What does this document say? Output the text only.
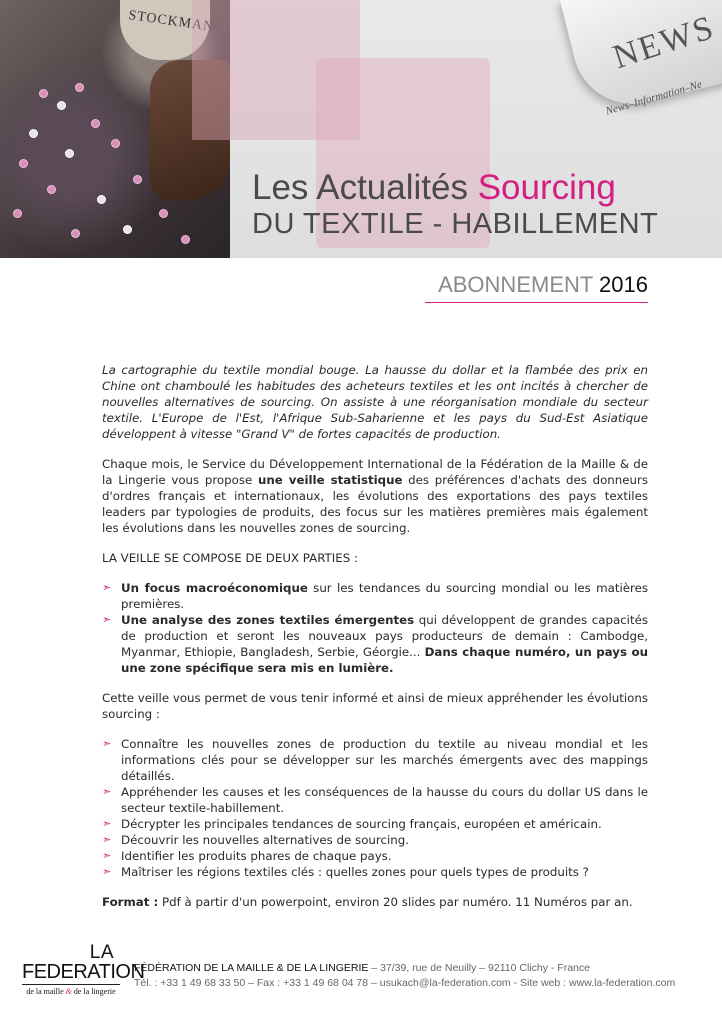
STOCKMAN	NEWS
News–Information–Ne
Les Actualités Sourcing
DU TEXTILE - HABILLEMENT
ABONNEMENT 2016

La cartographie du textile mondial bouge. La hausse du dollar et la flambée des prix en Chine ont chamboulé les habitudes des acheteurs textiles et les ont incités à chercher de nouvelles alternatives de sourcing. On assiste à une réorganisation mondiale du secteur textile. L'Europe de l'Est, l'Afrique Sub-Saharienne et les pays du Sud-Est Asiatique développent à vitesse "Grand V" de fortes capacités de production.

Chaque mois, le Service du Développement International de la Fédération de la Maille & de la Lingerie vous propose une veille statistique des préférences d'achats des donneurs d'ordres français et internationaux, les évolutions des exportations des pays textiles leaders par typologies de produits, des focus sur les matières premières mais également les évolutions dans les nouvelles zones de sourcing.

LA VEILLE SE COMPOSE DE DEUX PARTIES :

➣ Un focus macroéconomique sur les tendances du sourcing mondial ou les matières premières.
➣ Une analyse des zones textiles émergentes qui développent de grandes capacités de production et seront les nouveaux pays producteurs de demain : Cambodge, Myanmar, Ethiopie, Bangladesh, Serbie, Géorgie... Dans chaque numéro, un pays ou une zone spécifique sera mis en lumière.

Cette veille vous permet de vous tenir informé et ainsi de mieux appréhender les évolutions sourcing :

➣ Connaître les nouvelles zones de production du textile au niveau mondial et les informations clés pour se développer sur les marchés émergents avec des mappings détaillés.
➣ Appréhender les causes et les conséquences de la hausse du cours du dollar US dans le secteur textile-habillement.
➣ Décrypter les principales tendances de sourcing français, européen et américain.
➣ Découvrir les nouvelles alternatives de sourcing.
➣ Identifier les produits phares de chaque pays.
➣ Maîtriser les régions textiles clés : quelles zones pour quels types de produits ?

Format : Pdf à partir d'un powerpoint, environ 20 slides par numéro. 11 Numéros par an.

LA
FEDERATION
de la maille & de la lingerie
FÉDÉRATION DE LA MAILLE & DE LA LINGERIE – 37/39, rue de Neuilly – 92110 Clichy - France
Tél. : +33 1 49 68 33 50 – Fax : +33 1 49 68 04 78 – usukach@la-federation.com - Site web : www.la-federation.com
